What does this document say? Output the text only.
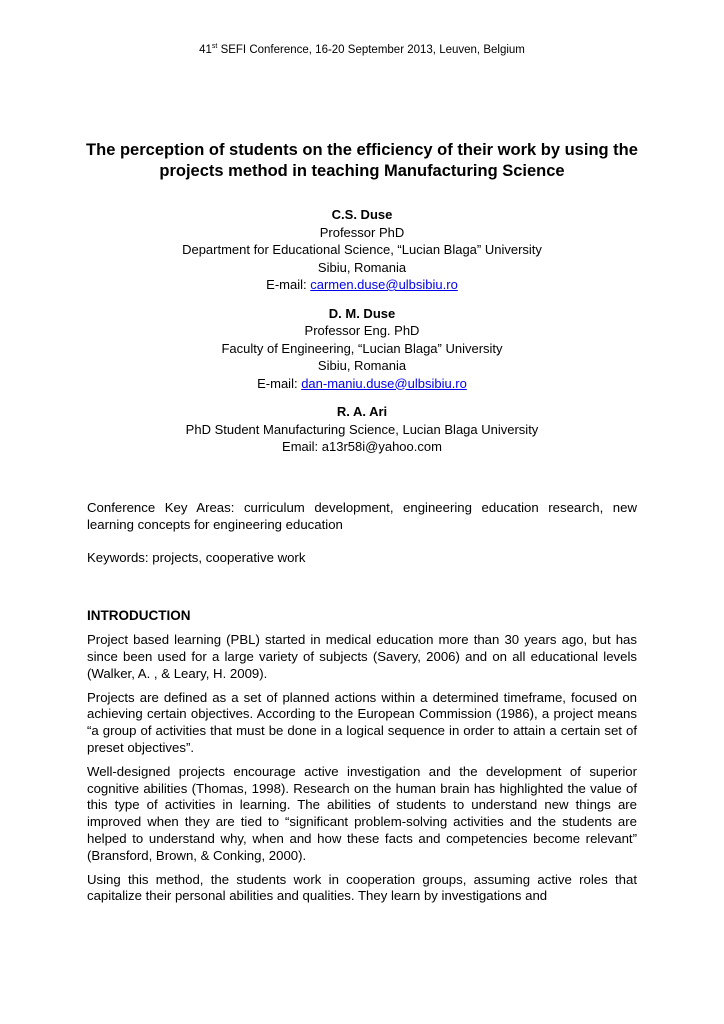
41st SEFI Conference, 16-20 September 2013, Leuven, Belgium
The perception of students on the efficiency of their work by using the projects method in teaching Manufacturing Science
C.S. Duse
Professor PhD
Department for Educational Science, “Lucian Blaga” University
Sibiu, Romania
E-mail: carmen.duse@ulbsibiu.ro
D. M. Duse
Professor Eng. PhD
Faculty of Engineering, “Lucian Blaga” University
Sibiu, Romania
E-mail: dan-maniu.duse@ulbsibiu.ro
R. A. Ari
PhD Student Manufacturing Science, Lucian Blaga University
Email: a13r58i@yahoo.com

Conference Key Areas: curriculum development, engineering education research, new learning concepts for engineering education

Keywords: projects, cooperative work

INTRODUCTION

Project based learning (PBL) started in medical education more than 30 years ago, but has since been used for a large variety of subjects (Savery, 2006) and on all educational levels (Walker, A. , & Leary, H. 2009).

Projects are defined as a set of planned actions within a determined timeframe, focused on achieving certain objectives. According to the European Commission (1986), a project means “a group of activities that must be done in a logical sequence in order to attain a certain set of preset objectives”.

Well-designed projects encourage active investigation and the development of superior cognitive abilities (Thomas, 1998). Research on the human brain has highlighted the value of this type of activities in learning. The abilities of students to understand new things are improved when they are tied to “significant problem-solving activities and the students are helped to understand why, when and how these facts and competencies become relevant” (Bransford, Brown, & Conking, 2000).

Using this method, the students work in cooperation groups, assuming active roles that capitalize their personal abilities and qualities. They learn by investigations and
